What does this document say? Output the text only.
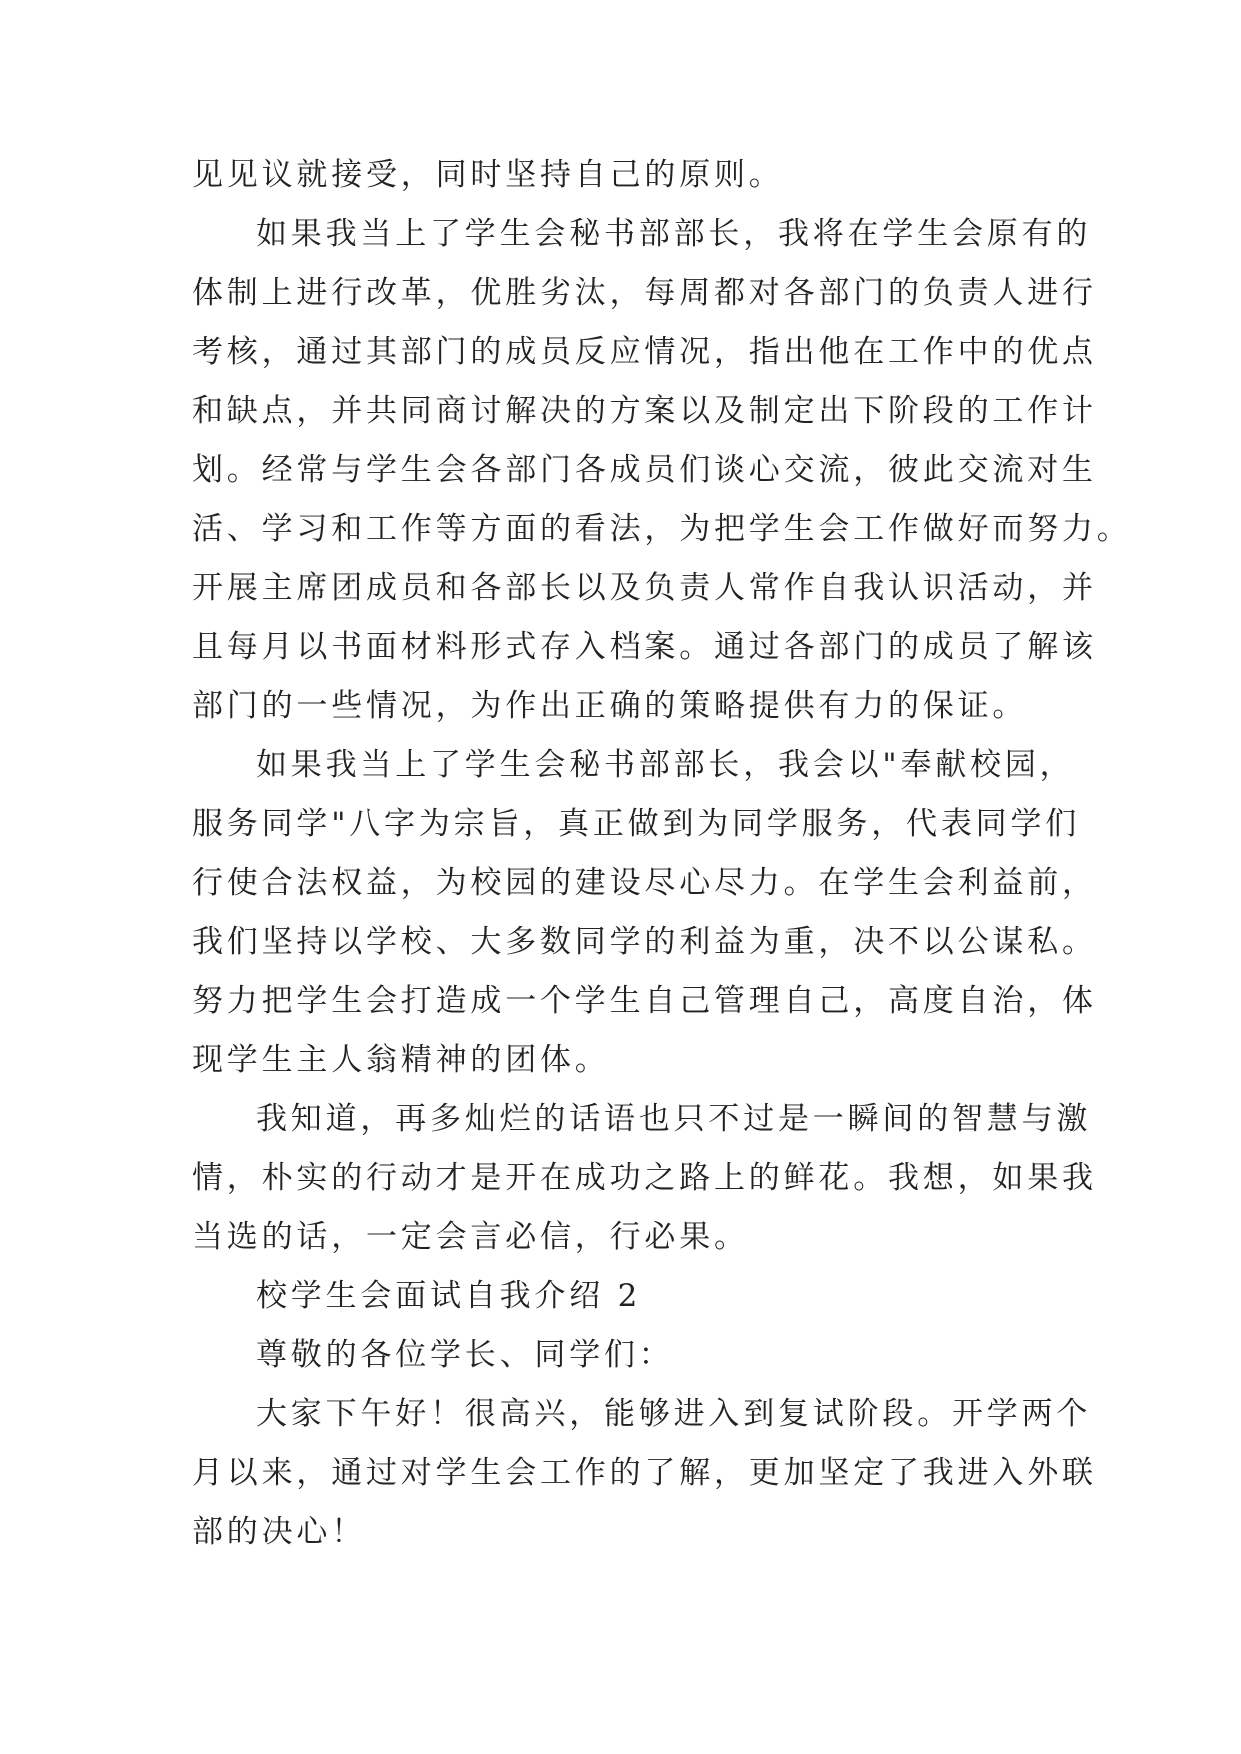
见见议就接受，同时坚持自己的原则。
如果我当上了学生会秘书部部长，我将在学生会原有的
体制上进行改革，优胜劣汰，每周都对各部门的负责人进行
考核，通过其部门的成员反应情况，指出他在工作中的优点
和缺点，并共同商讨解决的方案以及制定出下阶段的工作计
划。经常与学生会各部门各成员们谈心交流，彼此交流对生
活、学习和工作等方面的看法，为把学生会工作做好而努力。
开展主席团成员和各部长以及负责人常作自我认识活动，并
且每月以书面材料形式存入档案。通过各部门的成员了解该
部门的一些情况，为作出正确的策略提供有力的保证。
如果我当上了学生会秘书部部长，我会以"奉献校园，
服务同学"八字为宗旨，真正做到为同学服务，代表同学们
行使合法权益，为校园的建设尽心尽力。在学生会利益前，
我们坚持以学校、大多数同学的利益为重，决不以公谋私。
努力把学生会打造成一个学生自己管理自己，高度自治，体
现学生主人翁精神的团体。
我知道，再多灿烂的话语也只不过是一瞬间的智慧与激
情，朴实的行动才是开在成功之路上的鲜花。我想，如果我
当选的话，一定会言必信，行必果。
校学生会面试自我介绍 2
尊敬的各位学长、同学们：
大家下午好！很高兴，能够进入到复试阶段。开学两个
月以来，通过对学生会工作的了解，更加坚定了我进入外联
部的决心！
